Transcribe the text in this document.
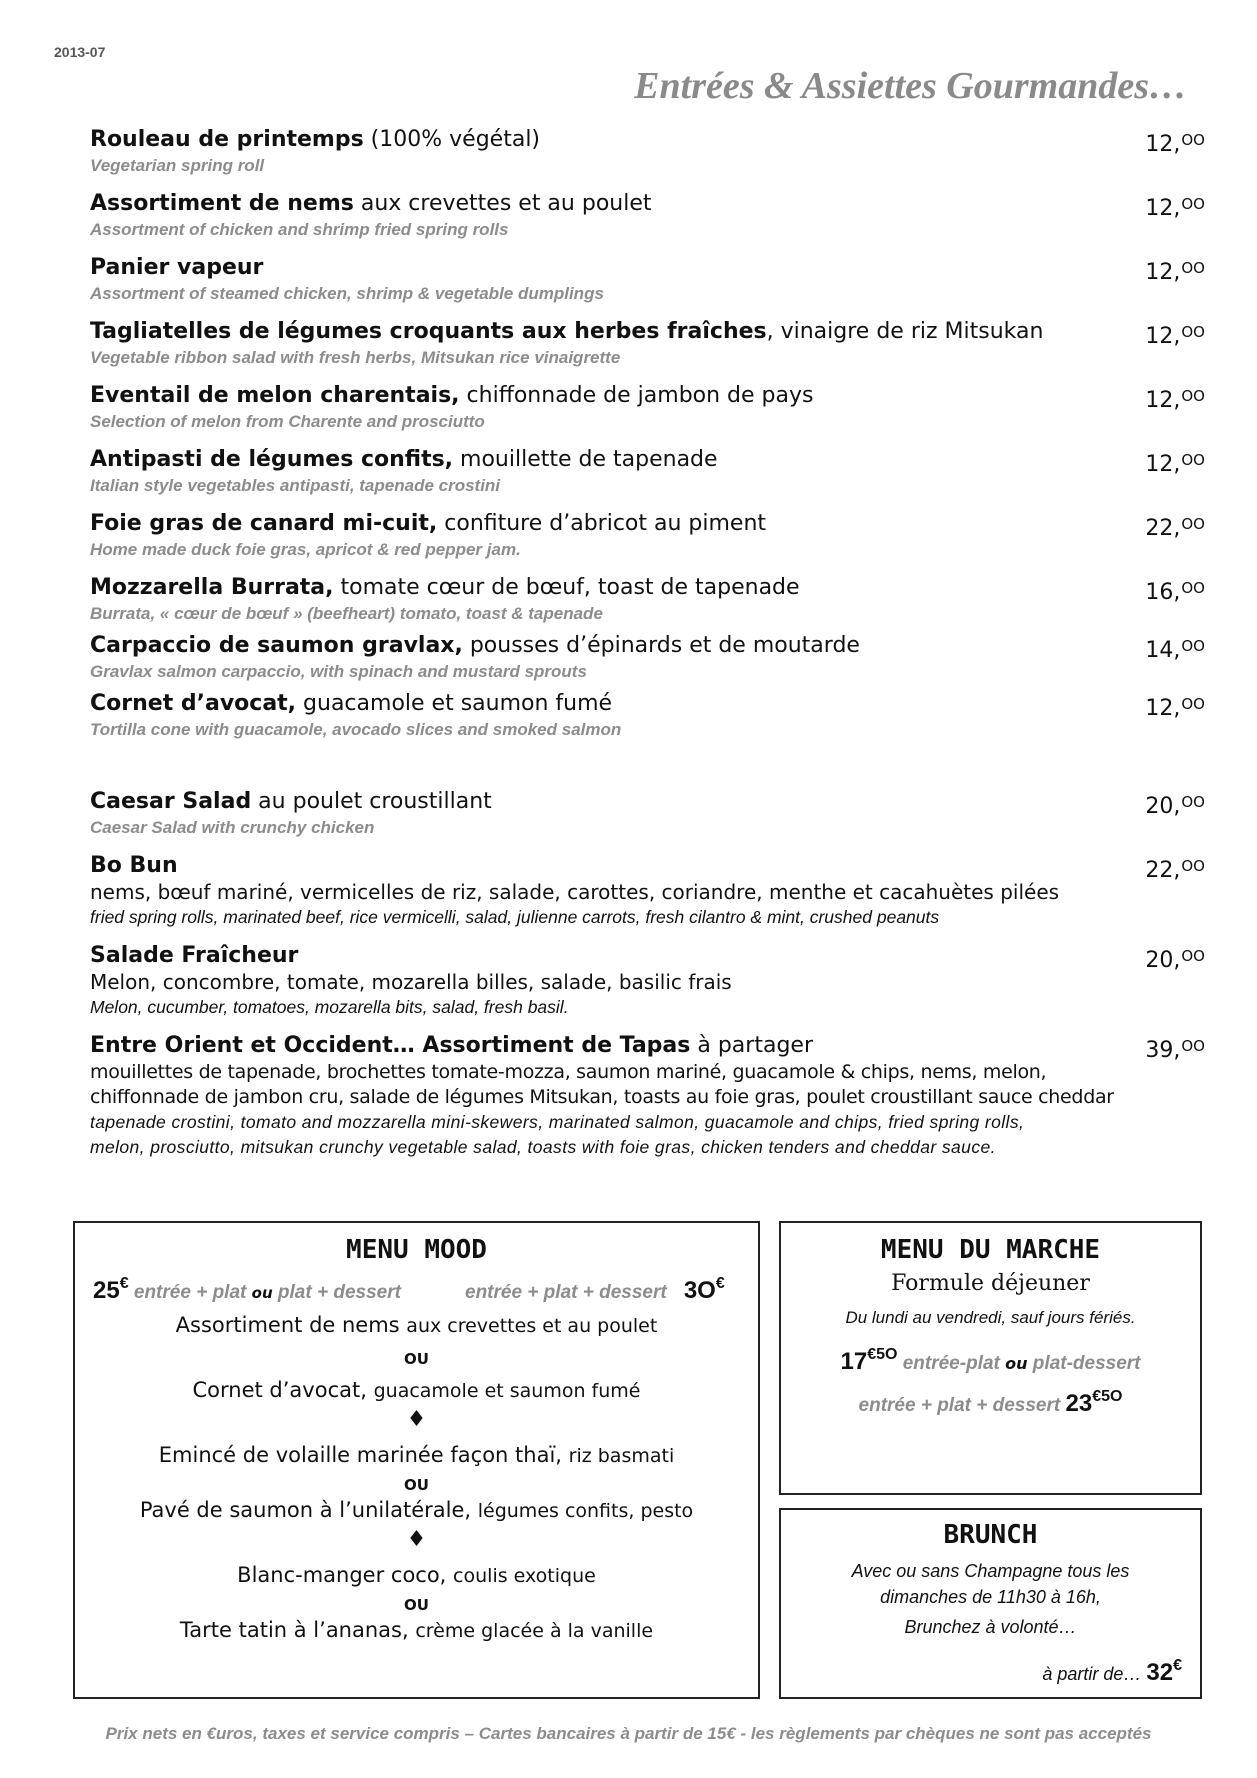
2013-07
Entrées & Assiettes Gourmandes…
Rouleau de printemps (100% végétal)
Vegetarian spring roll
12,$^{OO}$
Assortiment de nems aux crevettes et au poulet
Assortment of chicken and shrimp fried spring rolls
12,$^{OO}$
Panier vapeur
Assortment of steamed chicken, shrimp & vegetable dumplings
12,$^{OO}$
Tagliatelles de légumes croquants aux herbes fraîches, vinaigre de riz Mitsukan
Vegetable ribbon salad with fresh herbs, Mitsukan rice vinaigrette
12,$^{OO}$
Eventail de melon charentais, chiffonnade de jambon de pays
Selection of melon from Charente and prosciutto
12,$^{OO}$
Antipasti de légumes confits, mouillette de tapenade
Italian style vegetables antipasti, tapenade crostini
12,$^{OO}$
Foie gras de canard mi-cuit, confiture d’abricot au piment
Home made duck foie gras, apricot & red pepper jam.
22,$^{OO}$
Mozzarella Burrata, tomate cœur de bœuf, toast de tapenade
Burrata, « cœur de bœuf » (beefheart) tomato, toast & tapenade
16,$^{OO}$
Carpaccio de saumon gravlax, pousses d’épinards et de moutarde
Gravlax salmon carpaccio, with spinach and mustard sprouts
14,$^{OO}$
Cornet d’avocat, guacamole et saumon fumé
Tortilla cone with guacamole, avocado slices and smoked salmon
12,$^{OO}$
Caesar Salad au poulet croustillant
Caesar Salad with crunchy chicken
20,$^{OO}$
Bo Bun
nems, bœuf mariné, vermicelles de riz, salade, carottes, coriandre, menthe et cacahuètes pilées
fried spring rolls, marinated beef, rice vermicelli, salad, julienne carrots, fresh cilantro & mint, crushed peanuts
22,$^{OO}$
Salade Fraîcheur
Melon, concombre, tomate, mozarella billes, salade, basilic frais
Melon, cucumber, tomatoes, mozarella bits, salad, fresh basil.
20,$^{OO}$
Entre Orient et Occident… Assortiment de Tapas à partager
mouillettes de tapenade, brochettes tomate-mozza, saumon mariné, guacamole & chips, nems, melon,
chiffonnade de jambon cru, salade de légumes Mitsukan, toasts au foie gras, poulet croustillant sauce cheddar
tapenade crostini, tomato and mozzarella mini-skewers, marinated salmon, guacamole and chips, fried spring rolls,
melon, prosciutto, mitsukan crunchy vegetable salad, toasts with foie gras, chicken tenders and cheddar sauce.
39,$^{OO}$
MENU MOOD
25€ entrée + plat ou plat + dessert	entrée + plat + dessert 3O€
Assortiment de nems aux crevettes et au poulet
OU
Cornet d’avocat, guacamole et saumon fumé
♦
Emincé de volaille marinée façon thaï, riz basmati
OU
Pavé de saumon à l’unilatérale, légumes confits, pesto
♦
Blanc-manger coco, coulis exotique
OU
Tarte tatin à l’ananas, crème glacée à la vanille
MENU DU MARCHE
Formule déjeuner
Du lundi au vendredi, sauf jours fériés.
$17^{€5O}$ entrée-plat ou plat-dessert
entrée + plat + dessert $23^{€5O}$
BRUNCH
Avec ou sans Champagne tous les
dimanches de 11h30 à 16h,
Brunchez à volonté…
à partir de… 32€
Prix nets en €uros, taxes et service compris – Cartes bancaires à partir de 15€ - les règlements par chèques ne sont pas acceptés
